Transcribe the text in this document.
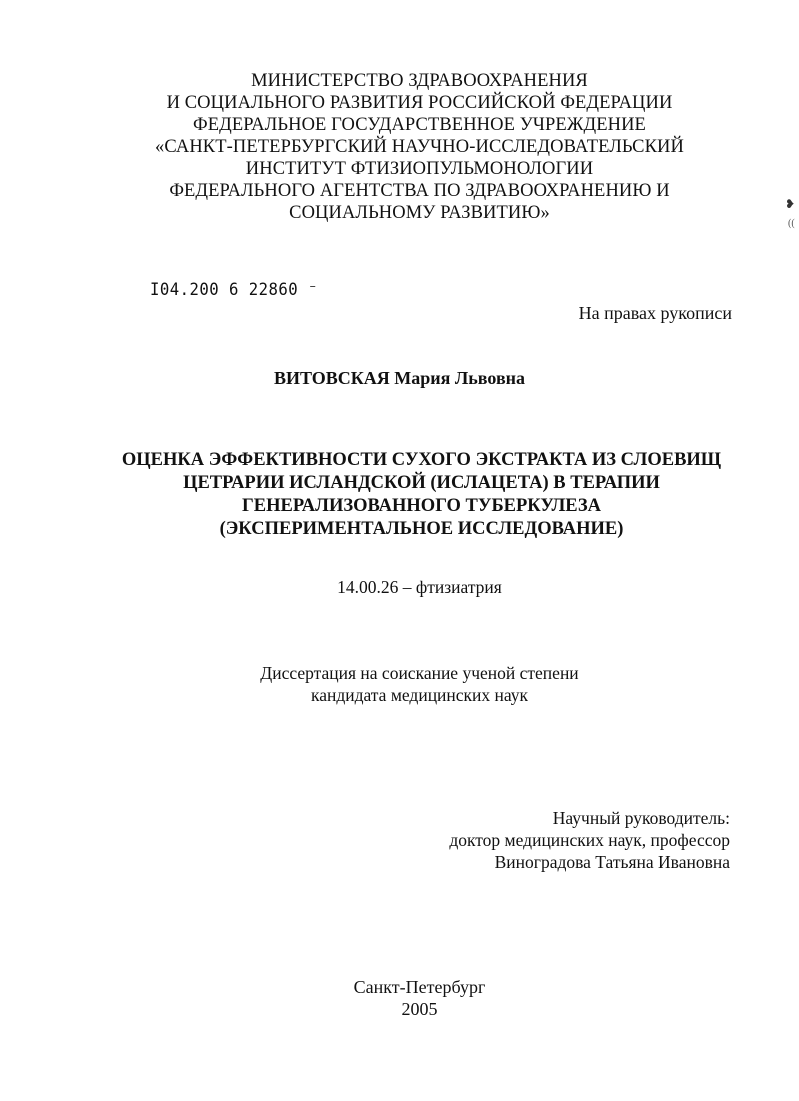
МИНИСТЕРСТВО ЗДРАВООХРАНЕНИЯ
И СОЦИАЛЬНОГО РАЗВИТИЯ РОССИЙСКОЙ ФЕДЕРАЦИИ
ФЕДЕРАЛЬНОЕ ГОСУДАРСТВЕННОЕ УЧРЕЖДЕНИЕ
«САНКТ-ПЕТЕРБУРГСКИЙ НАУЧНО-ИССЛЕДОВАТЕЛЬСКИЙ
ИНСТИТУТ ФТИЗИОПУЛЬМОНОЛОГИИ
ФЕДЕРАЛЬНОГО АГЕНТСТВА ПО ЗДРАВООХРАНЕНИЮ И
СОЦИАЛЬНОМУ РАЗВИТИЮ»	❥
((
I04.200 6 22860 ⁻
На правах рукописи
ВИТОВСКАЯ Мария Львовна
ОЦЕНКА ЭФФЕКТИВНОСТИ СУХОГО ЭКСТРАКТА ИЗ СЛОЕВИЩ
ЦЕТРАРИИ ИСЛАНДСКОЙ (ИСЛАЦЕТА) В ТЕРАПИИ
ГЕНЕРАЛИЗОВАННОГО ТУБЕРКУЛЕЗА
(ЭКСПЕРИМЕНТАЛЬНОЕ ИССЛЕДОВАНИЕ)
14.00.26 – фтизиатрия
Диссертация на соискание ученой степени
кандидата медицинских наук
Научный руководитель:
доктор медицинских наук, профессор
Виноградова Татьяна Ивановна
Санкт-Петербург
2005
